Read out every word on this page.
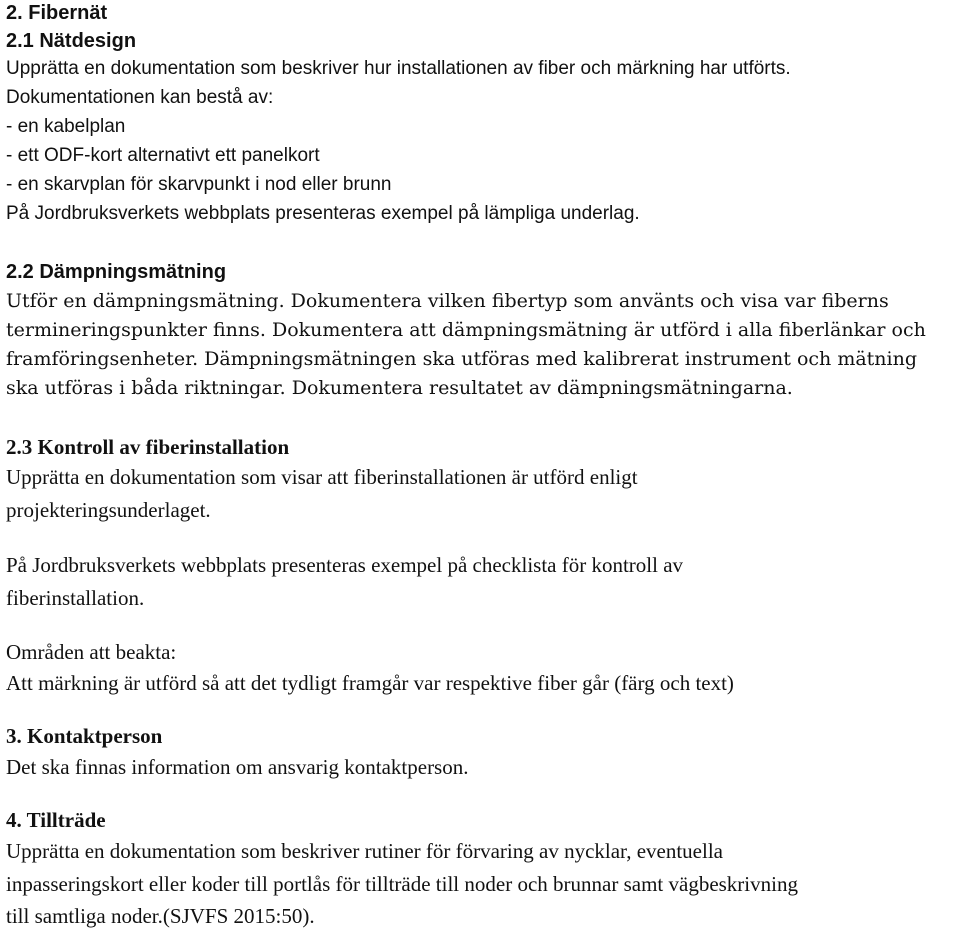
2. Fibernät
2.1 Nätdesign
Upprätta en dokumentation som beskriver hur installationen av fiber och märkning har utförts.
Dokumentationen kan bestå av:
- en kabelplan
- ett ODF-kort alternativt ett panelkort
- en skarvplan för skarvpunkt i nod eller brunn
På Jordbruksverkets webbplats presenteras exempel på lämpliga underlag.
2.2 Dämpningsmätning
Utför en dämpningsmätning. Dokumentera vilken fibertyp som använts och visa var fiberns
termineringspunkter finns. Dokumentera att dämpningsmätning är utförd i alla fiberlänkar och
framföringsenheter. Dämpningsmätningen ska utföras med kalibrerat instrument och mätning
ska utföras i båda riktningar. Dokumentera resultatet av dämpningsmätningarna.
2.3 Kontroll av fiberinstallation
Upprätta en dokumentation som visar att fiberinstallationen är utförd enligt
projekteringsunderlaget.
På Jordbruksverkets webbplats presenteras exempel på checklista för kontroll av
fiberinstallation.
Områden att beakta:
Att märkning är utförd så att det tydligt framgår var respektive fiber går (färg och text)
3. Kontaktperson
Det ska finnas information om ansvarig kontaktperson.
4. Tillträde
Upprätta en dokumentation som beskriver rutiner för förvaring av nycklar, eventuella
inpasseringskort eller koder till portlås för tillträde till noder och brunnar samt vägbeskrivning
till samtliga noder.(SJVFS 2015:50).
